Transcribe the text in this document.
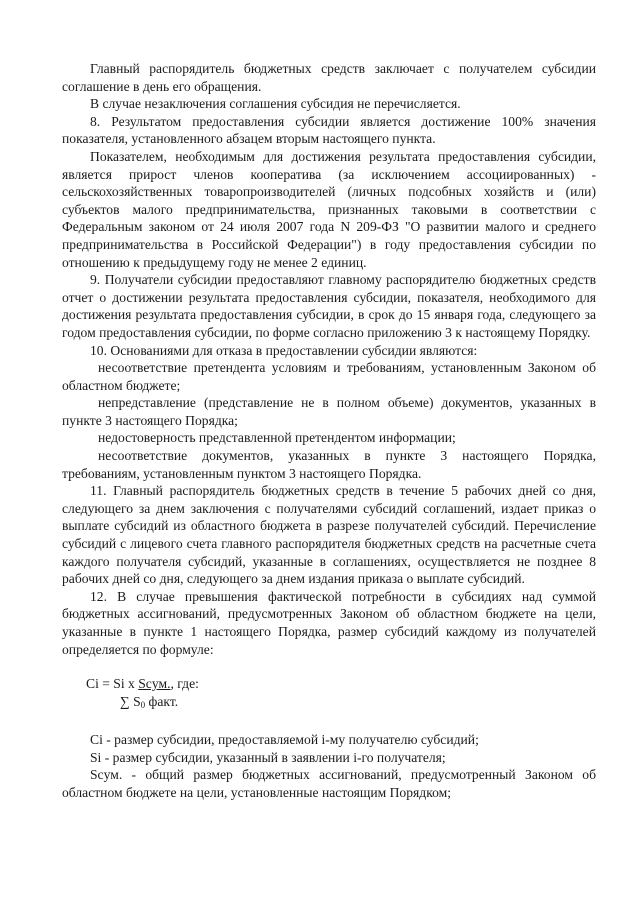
Главный распорядитель бюджетных средств заключает с получателем субсидии соглашение в день его обращения.

В случае незаключения соглашения субсидия не перечисляется.

8. Результатом предоставления субсидии является достижение 100% значения показателя, установленного абзацем вторым настоящего пункта.

Показателем, необходимым для достижения результата предоставления субсидии, является прирост членов кооператива (за исключением ассоциированных) - сельскохозяйственных товаропроизводителей (личных подсобных хозяйств и (или) субъектов малого предпринимательства, признанных таковыми в соответствии с Федеральным законом от 24 июля 2007 года N 209-ФЗ "О развитии малого и среднего предпринимательства в Российской Федерации") в году предоставления субсидии по отношению к предыдущему году не менее 2 единиц.

9. Получатели субсидии предоставляют главному распорядителю бюджетных средств отчет о достижении результата предоставления субсидии, показателя, необходимого для достижения результата предоставления субсидии, в срок до 15 января года, следующего за годом предоставления субсидии, по форме согласно приложению 3 к настоящему Порядку.

10. Основаниями для отказа в предоставлении субсидии являются:

несоответствие претендента условиям и требованиям, установленным Законом об областном бюджете;

непредставление (представление не в полном объеме) документов, указанных в пункте 3 настоящего Порядка;

недостоверность представленной претендентом информации;

несоответствие документов, указанных в пункте 3 настоящего Порядка, требованиям, установленным пунктом 3 настоящего Порядка.

11. Главный распорядитель бюджетных средств в течение 5 рабочих дней со дня, следующего за днем заключения с получателями субсидий соглашений, издает приказ о выплате субсидий из областного бюджета в разрезе получателей субсидий. Перечисление субсидий с лицевого счета главного распорядителя бюджетных средств на расчетные счета каждого получателя субсидий, указанные в соглашениях, осуществляется не позднее 8 рабочих дней со дня, следующего за днем издания приказа о выплате субсидий.

12. В случае превышения фактической потребности в субсидиях над суммой бюджетных ассигнований, предусмотренных Законом об областном бюджете на цели, указанные в пункте 1 настоящего Порядка, размер субсидий каждому из получателей определяется по формуле:

Ci = Si x Scум., где:

∑ S0 факт.

Ci - размер субсидии, предоставляемой i-му получателю субсидий;

Si - размер субсидии, указанный в заявлении i-го получателя;

Scум. - общий размер бюджетных ассигнований, предусмотренный Законом об областном бюджете на цели, установленные настоящим Порядком;
